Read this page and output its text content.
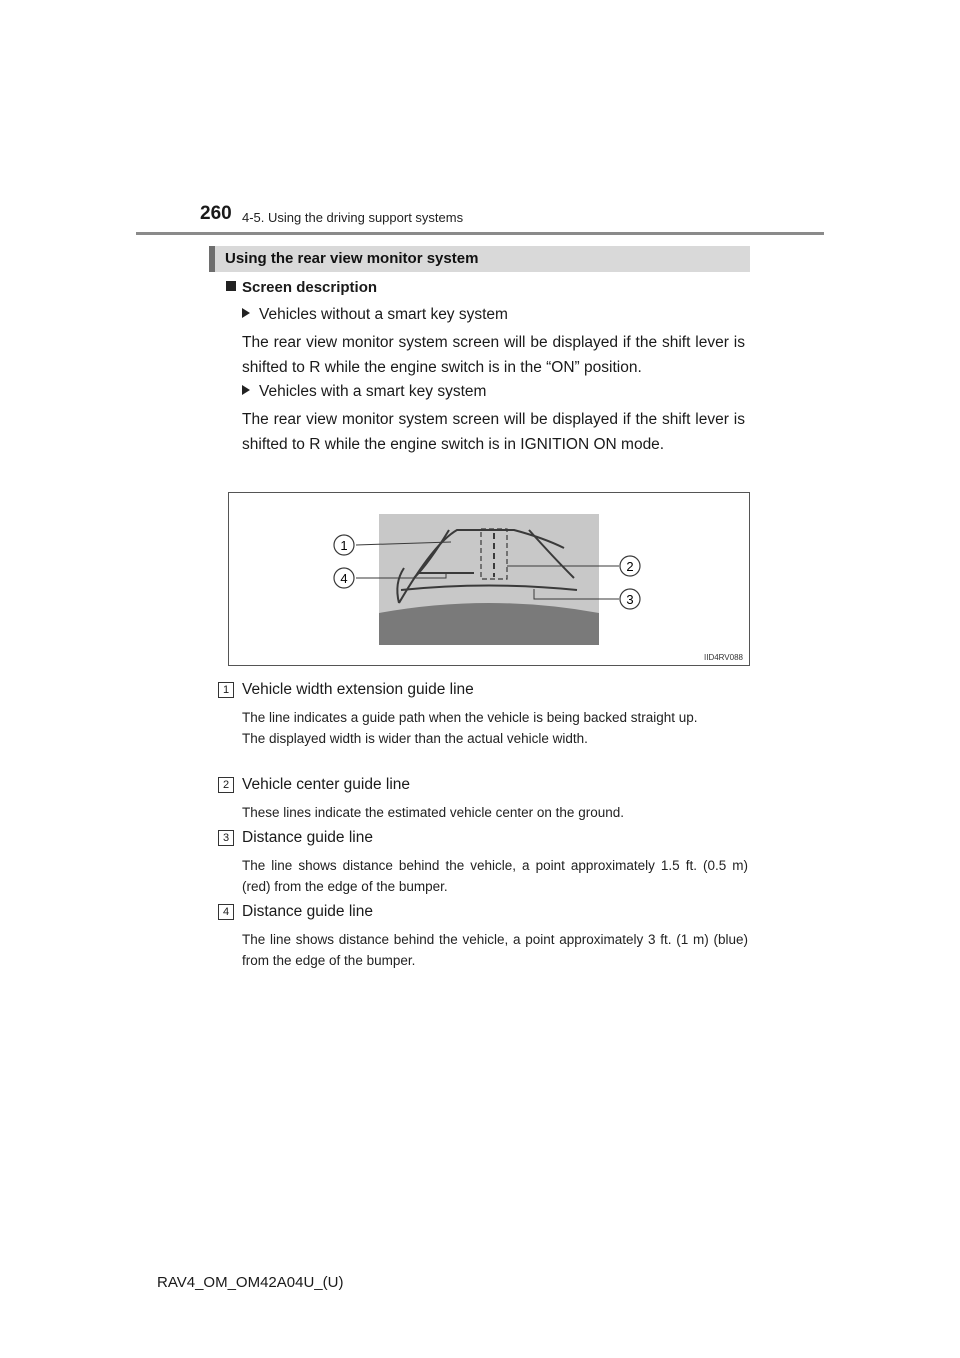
260 4-5. Using the driving support systems
Using the rear view monitor system
Screen description
Vehicles without a smart key system
The rear view monitor system screen will be displayed if the shift lever is shifted to R while the engine switch is in the “ON” position.
Vehicles with a smart key system
The rear view monitor system screen will be displayed if the shift lever is shifted to R while the engine switch is in IGNITION ON mode.
1
2
3
4
IID4RV088
1 Vehicle width extension guide line
The line indicates a guide path when the vehicle is being backed straight up.
The displayed width is wider than the actual vehicle width.
2 Vehicle center guide line
These lines indicate the estimated vehicle center on the ground.
3 Distance guide line
The line shows distance behind the vehicle, a point approximately 1.5 ft. (0.5 m) (red) from the edge of the bumper.
4 Distance guide line
The line shows distance behind the vehicle, a point approximately 3 ft. (1 m) (blue) from the edge of the bumper.
RAV4_OM_OM42A04U_(U)
